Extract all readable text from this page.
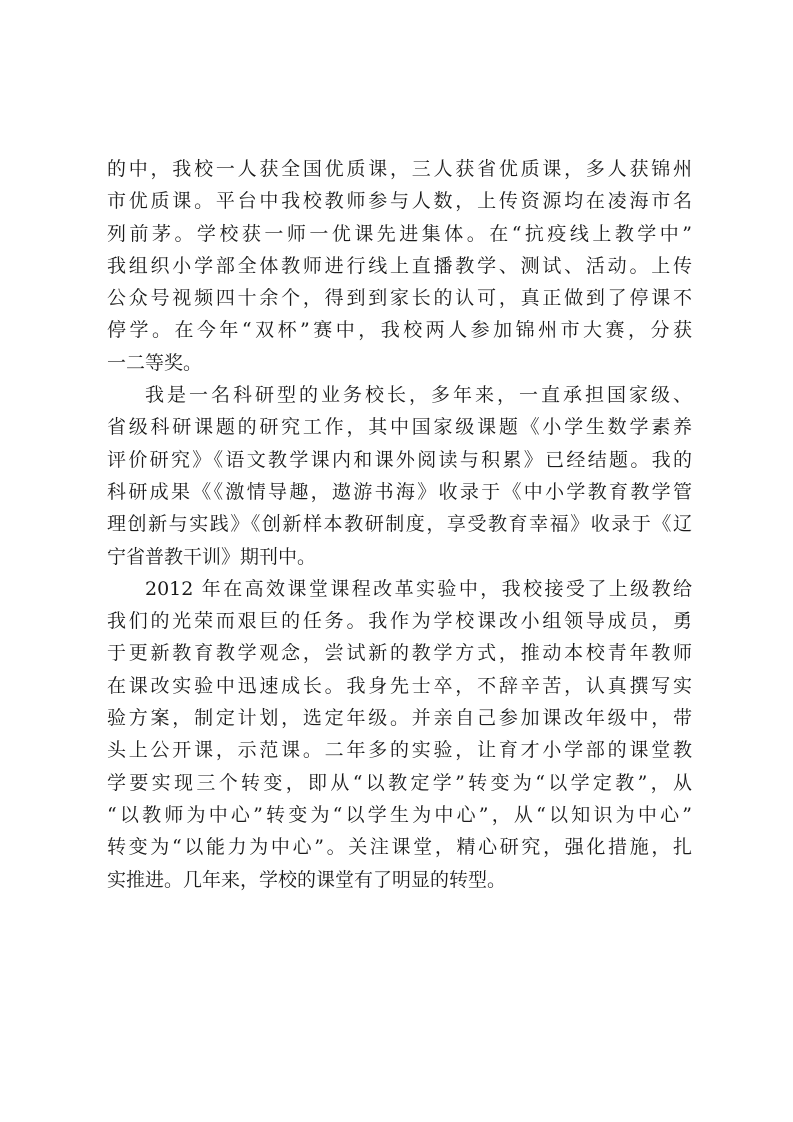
的中，我校一人获全国优质课，三人获省优质课，多人获锦州
市优质课。平台中我校教师参与人数，上传资源均在凌海市名
列前茅。学校获一师一优课先进集体。在“抗疫线上教学中”
我组织小学部全体教师进行线上直播教学、测试、活动。上传
公众号视频四十余个，得到到家长的认可，真正做到了停课不
停学。在今年“双杯”赛中，我校两人参加锦州市大赛，分获
一二等奖。
我是一名科研型的业务校长，多年来，一直承担国家级、
省级科研课题的研究工作，其中国家级课题《小学生数学素养
评价研究》《语文教学课内和课外阅读与积累》已经结题。我的
科研成果《《激情导趣，遨游书海》收录于《中小学教育教学管
理创新与实践》《创新样本教研制度，享受教育幸福》收录于《辽
宁省普教干训》期刊中。
2012 年在高效课堂课程改革实验中，我校接受了上级教给
我们的光荣而艰巨的任务。我作为学校课改小组领导成员，勇
于更新教育教学观念，尝试新的教学方式，推动本校青年教师
在课改实验中迅速成长。我身先士卒，不辞辛苦，认真撰写实
验方案，制定计划，选定年级。并亲自己参加课改年级中，带
头上公开课，示范课。二年多的实验，让育才小学部的课堂教
学要实现三个转变，即从“以教定学”转变为“以学定教”，从
“以教师为中心”转变为“以学生为中心”，从“以知识为中心”
转变为“以能力为中心”。关注课堂，精心研究，强化措施，扎
实推进。几年来，学校的课堂有了明显的转型。
